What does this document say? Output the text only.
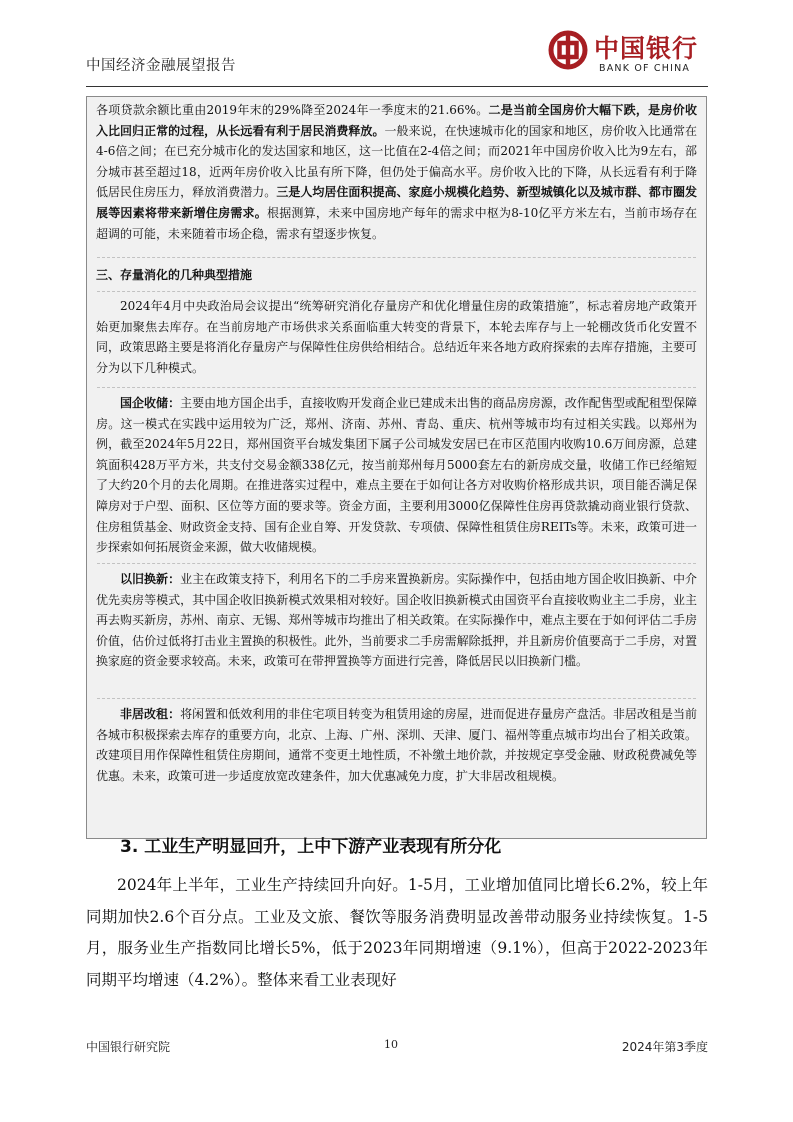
中国经济金融展望报告
中国银行
BANK OF CHINA

各项贷款余额比重由2019年末的29%降至2024年一季度末的21.66%。二是当前全国房价大幅下跌，是房价收入比回归正常的过程，从长远看有利于居民消费释放。一般来说，在快速城市化的国家和地区，房价收入比通常在4-6倍之间；在已充分城市化的发达国家和地区，这一比值在2-4倍之间；而2021年中国房价收入比为9左右，部分城市甚至超过18，近两年房价收入比虽有所下降，但仍处于偏高水平。房价收入比的下降，从长远看有利于降低居民住房压力，释放消费潜力。三是人均居住面积提高、家庭小规模化趋势、新型城镇化以及城市群、都市圈发展等因素将带来新增住房需求。根据测算，未来中国房地产每年的需求中枢为8-10亿平方米左右，当前市场存在超调的可能，未来随着市场企稳，需求有望逐步恢复。

三、存量消化的几种典型措施

2024年4月中央政治局会议提出“统筹研究消化存量房产和优化增量住房的政策措施”，标志着房地产政策开始更加聚焦去库存。在当前房地产市场供求关系面临重大转变的背景下，本轮去库存与上一轮棚改货币化安置不同，政策思路主要是将消化存量房产与保障性住房供给相结合。总结近年来各地方政府探索的去库存措施，主要可分为以下几种模式。

国企收储：主要由地方国企出手，直接收购开发商企业已建成未出售的商品房房源，改作配售型或配租型保障房。这一模式在实践中运用较为广泛，郑州、济南、苏州、青岛、重庆、杭州等城市均有过相关实践。以郑州为例，截至2024年5月22日，郑州国资平台城发集团下属子公司城发安居已在市区范围内收购10.6万间房源，总建筑面积428万平方米，共支付交易金额338亿元，按当前郑州每月5000套左右的新房成交量，收储工作已经缩短了大约20个月的去化周期。在推进落实过程中，难点主要在于如何让各方对收购价格形成共识，项目能否满足保障房对于户型、面积、区位等方面的要求等。资金方面，主要利用3000亿保障性住房再贷款撬动商业银行贷款、住房租赁基金、财政资金支持、国有企业自筹、开发贷款、专项债、保障性租赁住房REITs等。未来，政策可进一步探索如何拓展资金来源，做大收储规模。

以旧换新：业主在政策支持下，利用名下的二手房来置换新房。实际操作中，包括由地方国企收旧换新、中介优先卖房等模式，其中国企收旧换新模式效果相对较好。国企收旧换新模式由国资平台直接收购业主二手房，业主再去购买新房，苏州、南京、无锡、郑州等城市均推出了相关政策。在实际操作中，难点主要在于如何评估二手房价值，估价过低将打击业主置换的积极性。此外，当前要求二手房需解除抵押，并且新房价值要高于二手房，对置换家庭的资金要求较高。未来，政策可在带押置换等方面进行完善，降低居民以旧换新门槛。

非居改租：将闲置和低效利用的非住宅项目转变为租赁用途的房屋，进而促进存量房产盘活。非居改租是当前各城市积极探索去库存的重要方向，北京、上海、广州、深圳、天津、厦门、福州等重点城市均出台了相关政策。改建项目用作保障性租赁住房期间，通常不变更土地性质，不补缴土地价款，并按规定享受金融、财政税费减免等优惠。未来，政策可进一步适度放宽改建条件，加大优惠减免力度，扩大非居改租规模。

3. 工业生产明显回升，上中下游产业表现有所分化

2024年上半年，工业生产持续回升向好。1-5月，工业增加值同比增长6.2%，较上年同期加快2.6个百分点。工业及文旅、餐饮等服务消费明显改善带动服务业持续恢复。1-5月，服务业生产指数同比增长5%，低于2023年同期增速（9.1%），但高于2022-2023年同期平均增速（4.2%）。整体来看工业表现好

中国银行研究院	10	2024年第3季度
